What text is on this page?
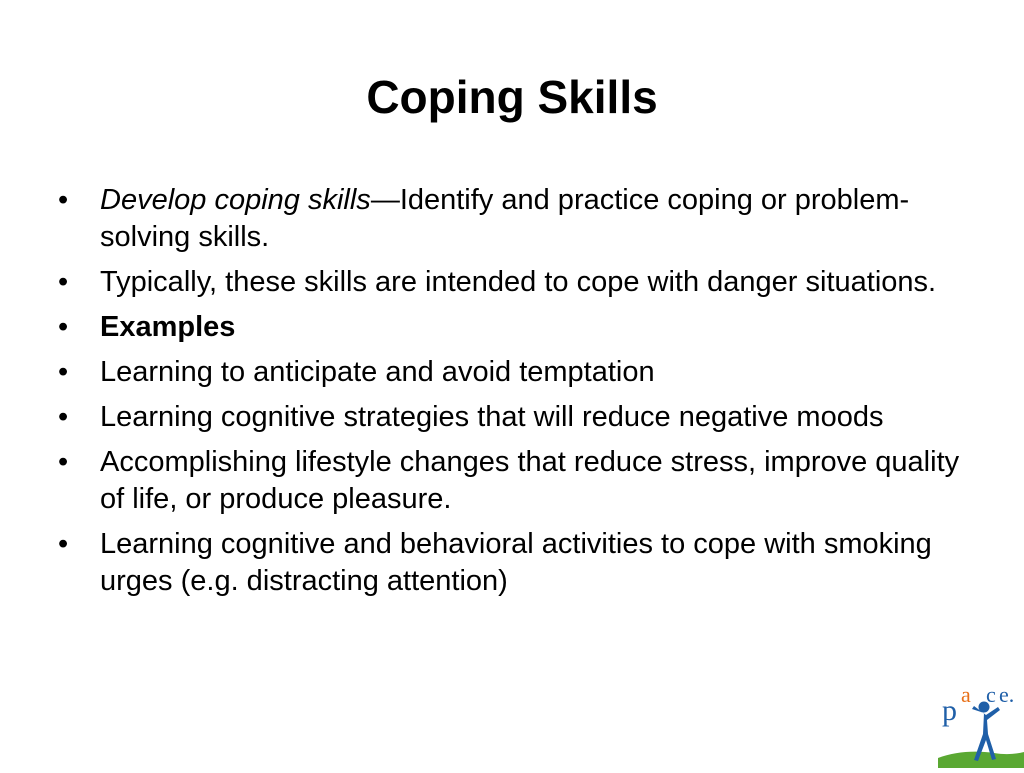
Coping Skills
•	Develop coping skills—Identify and practice coping or problem-solving skills.
•	Typically, these skills are intended to cope with danger situations.
•	Examples
•	Learning to anticipate and avoid temptation
•	Learning cognitive strategies that will reduce negative moods
•	Accomplishing lifestyle changes that reduce stress, improve quality of life, or produce pleasure.
•	Learning cognitive and behavioral activities to cope with smoking urges (e.g. distracting attention)
p a c e.
